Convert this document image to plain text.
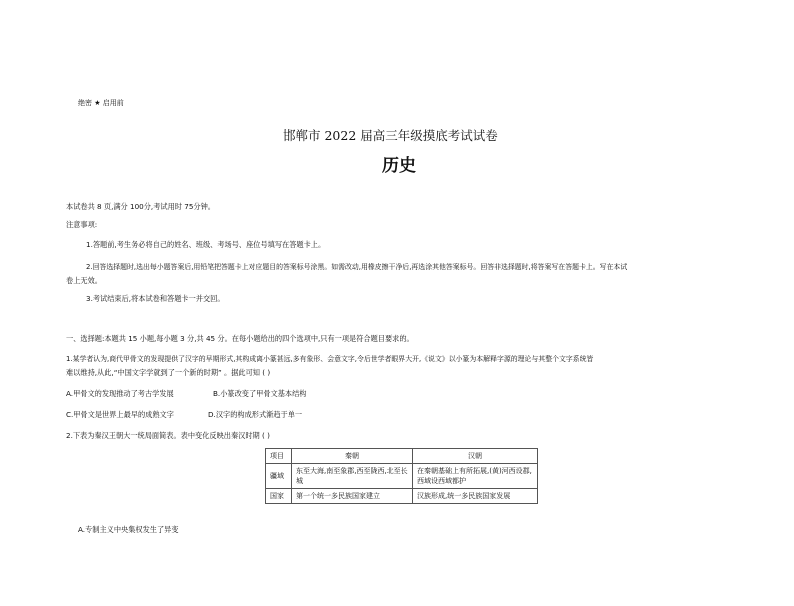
绝密 ★ 启用前

邯郸市 2022 届高三年级摸底考试试卷

历史

本试卷共 8 页,满分 100分,考试用时 75分钟。

注意事项:

1.答题前,考生务必将自己的姓名、班级、考场号、座位号填写在答题卡上。

2.回答选择题时,选出每小题答案后,用铅笔把答题卡上对应题目的答案标号涂黑。如需改动,用橡皮擦干净后,再选涂其他答案标号。回答非选择题时,将答案写在答题卡上。写在本试

卷上无效。

3.考试结束后,将本试卷和答题卡一并交回。

一、选择题:本题共 15 小题,每小题 3 分,共 45 分。在每小题给出的四个选项中,只有一项是符合题目要求的。

1.某学者认为,商代甲骨文的发现提供了汉字的早期形式,其构成离小篆甚远,多有象形、会意文字,令后世学者眼界大开,《说文》以小篆为本解释字源的理论与其整个文字系统皆

难以维持,从此,“中国文字学就到了一个新的时期” 。据此可知 ( )

A.甲骨文的发现推动了考古学发展	B.小篆改变了甲骨文基本结构

C.甲骨文是世界上最早的成熟文字	D.汉字的构成形式渐趋于单一

2.下表为秦汉王朝大一统局面简表。表中变化反映出秦汉时期 ( )

项目	秦朝	汉朝
疆域	东至大海,南至象郡,西至陇西,北至长城	在秦朝基础上有所拓展,(黄)河西设郡,西域设西域都护
国家	第一个统一多民族国家建立	汉族形成,统一多民族国家发展

A.专制主义中央集权发生了异变
